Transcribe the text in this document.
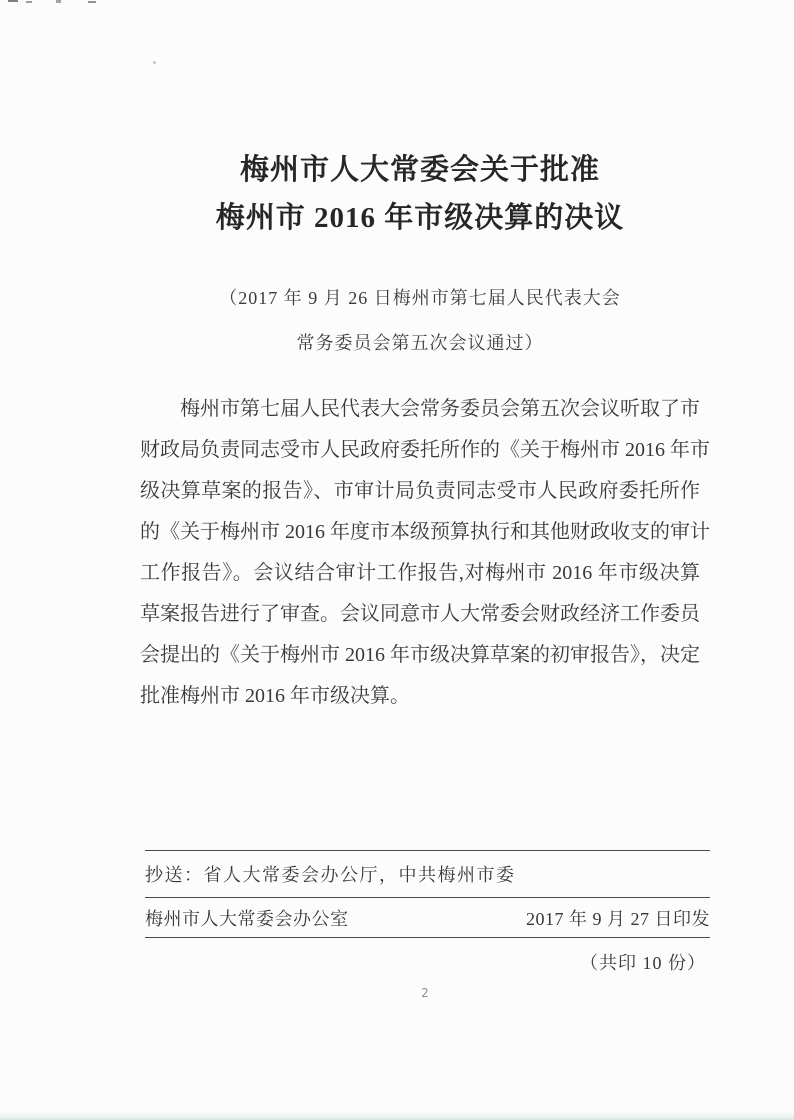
梅州市人大常委会关于批准
梅州市 2016 年市级决算的决议
（2017 年 9 月 26 日梅州市第七届人民代表大会
常务委员会第五次会议通过）
梅州市第七届人民代表大会常务委员会第五次会议听取了市
财政局负责同志受市人民政府委托所作的《关于梅州市 2016 年市
级决算草案的报告》、市审计局负责同志受市人民政府委托所作
的《关于梅州市 2016 年度市本级预算执行和其他财政收支的审计
工作报告》。会议结合审计工作报告,对梅州市 2016 年市级决算
草案报告进行了审查。会议同意市人大常委会财政经济工作委员
会提出的《关于梅州市 2016 年市级决算草案的初审报告》，决定
批准梅州市 2016 年市级决算。
抄送：省人大常委会办公厅，中共梅州市委
梅州市人大常委会办公室	2017 年 9 月 27 日印发
（共印 10 份）
2
